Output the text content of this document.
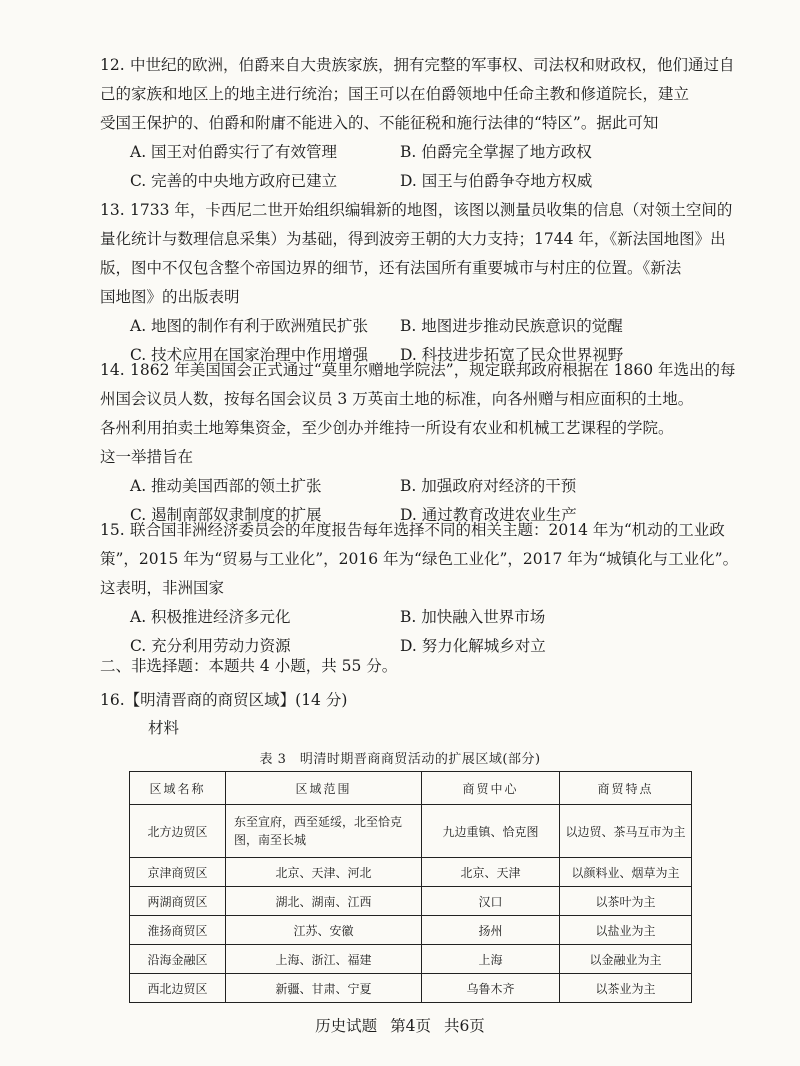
12. 中世纪的欧洲，伯爵来自大贵族家族，拥有完整的军事权、司法权和财政权，他们通过自
己的家族和地区上的地主进行统治；国王可以在伯爵领地中任命主教和修道院长，建立
受国王保护的、伯爵和附庸不能进入的、不能征税和施行法律的“特区”。据此可知
A. 国王对伯爵实行了有效管理	B. 伯爵完全掌握了地方政权
C. 完善的中央地方政府已建立	D. 国王与伯爵争夺地方权威
13. 1733 年，卡西尼二世开始组织编辑新的地图，该图以测量员收集的信息（对领土空间的
量化统计与数理信息采集）为基础，得到波旁王朝的大力支持；1744 年，《新法国地图》出
版，图中不仅包含整个帝国边界的细节，还有法国所有重要城市与村庄的位置。《新法
国地图》的出版表明
A. 地图的制作有利于欧洲殖民扩张 B. 地图进步推动民族意识的觉醒
C. 技术应用在国家治理中作用增强 D. 科技进步拓宽了民众世界视野
14. 1862 年美国国会正式通过“莫里尔赠地学院法”，规定联邦政府根据在 1860 年选出的每
州国会议员人数，按每名国会议员 3 万英亩土地的标准，向各州赠与相应面积的土地。
各州利用拍卖土地筹集资金，至少创办并维持一所设有农业和机械工艺课程的学院。
这一举措旨在
A. 推动美国西部的领土扩张	B. 加强政府对经济的干预
C. 遏制南部奴隶制度的扩展	D. 通过教育改进农业生产
15. 联合国非洲经济委员会的年度报告每年选择不同的相关主题：2014 年为“机动的工业政
策”，2015 年为“贸易与工业化”，2016 年为“绿色工业化”，2017 年为“城镇化与工业化”。
这表明，非洲国家
A. 积极推进经济多元化	B. 加快融入世界市场
C. 充分利用劳动力资源	D. 努力化解城乡对立
二、非选择题：本题共 4 小题，共 55 分。
16.【明清晋商的商贸区域】(14 分)
材料
表 3　明清时期晋商商贸活动的扩展区域(部分)
区域名称	区域范围	商贸中心	商贸特点
北方边贸区	东至宣府，西至延绥，北至恰克图，南至长城	九边重镇、恰克图	以边贸、茶马互市为主
京津商贸区	北京、天津、河北	北京、天津	以颜料业、烟草为主
两湖商贸区	湖北、湖南、江西	汉口	以茶叶为主
淮扬商贸区	江苏、安徽	扬州	以盐业为主
沿海金融区	上海、浙江、福建	上海	以金融业为主
西北边贸区	新疆、甘肃、宁夏	乌鲁木齐	以茶业为主
历史试题 第4页 共6页
